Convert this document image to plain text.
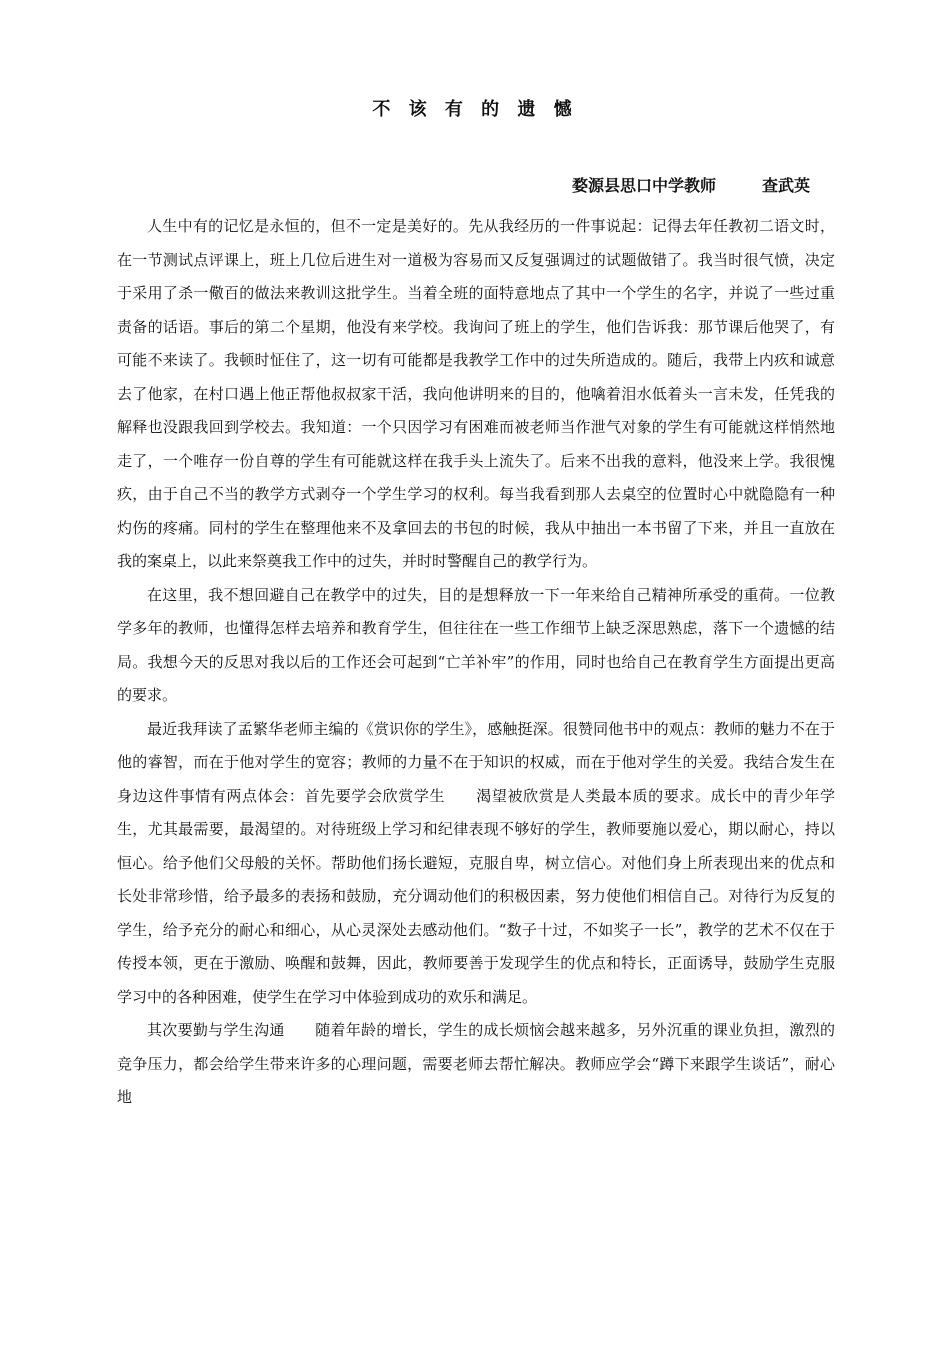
不 该 有 的 遗 憾
婺源县思口中学教师	查武英

人生中有的记忆是永恒的，但不一定是美好的。先从我经历的一件事说起：记得去年任教初二语文时，在一节测试点评课上，班上几位后进生对一道极为容易而又反复强调过的试题做错了。我当时很气愤，决定于采用了杀一儆百的做法来教训这批学生。当着全班的面特意地点了其中一个学生的名字，并说了一些过重责备的话语。事后的第二个星期，他没有来学校。我询问了班上的学生，他们告诉我：那节课后他哭了，有可能不来读了。我顿时怔住了，这一切有可能都是我教学工作中的过失所造成的。随后，我带上内疚和诚意去了他家，在村口遇上他正帮他叔叔家干活，我向他讲明来的目的，他噙着泪水低着头一言未发，任凭我的解释也没跟我回到学校去。我知道：一个只因学习有困难而被老师当作泄气对象的学生有可能就这样悄然地走了，一个唯存一份自尊的学生有可能就这样在我手头上流失了。后来不出我的意料，他没来上学。我很愧疚，由于自己不当的教学方式剥夺一个学生学习的权利。每当我看到那人去桌空的位置时心中就隐隐有一种灼伤的疼痛。同村的学生在整理他来不及拿回去的书包的时候，我从中抽出一本书留了下来，并且一直放在我的案桌上，以此来祭奠我工作中的过失，并时时警醒自己的教学行为。

在这里，我不想回避自己在教学中的过失，目的是想释放一下一年来给自己精神所承受的重荷。一位教学多年的教师，也懂得怎样去培养和教育学生，但往往在一些工作细节上缺乏深思熟虑，落下一个遗憾的结局。我想今天的反思对我以后的工作还会可起到“亡羊补牢”的作用，同时也给自己在教育学生方面提出更高的要求。

最近我拜读了孟繁华老师主编的《赏识你的学生》，感触挺深。很赞同他书中的观点：教师的魅力不在于他的睿智，而在于他对学生的宽容；教师的力量不在于知识的权威，而在于他对学生的关爱。我结合发生在身边这件事情有两点体会：首先要学会欣赏学生　　渴望被欣赏是人类最本质的要求。成长中的青少年学生，尤其最需要，最渴望的。对待班级上学习和纪律表现不够好的学生，教师要施以爱心，期以耐心，持以恒心。给予他们父母般的关怀。帮助他们扬长避短，克服自卑，树立信心。对他们身上所表现出来的优点和长处非常珍惜，给予最多的表扬和鼓励，充分调动他们的积极因素，努力使他们相信自己。对待行为反复的学生，给予充分的耐心和细心，从心灵深处去感动他们。“数子十过，不如奖子一长”，教学的艺术不仅在于传授本领，更在于激励、唤醒和鼓舞，因此，教师要善于发现学生的优点和特长，正面诱导，鼓励学生克服学习中的各种困难，使学生在学习中体验到成功的欢乐和满足。

其次要勤与学生沟通　　随着年龄的增长，学生的成长烦恼会越来越多，另外沉重的课业负担，激烈的竞争压力，都会给学生带来许多的心理问题，需要老师去帮忙解决。教师应学会“蹲下来跟学生谈话”，耐心地
